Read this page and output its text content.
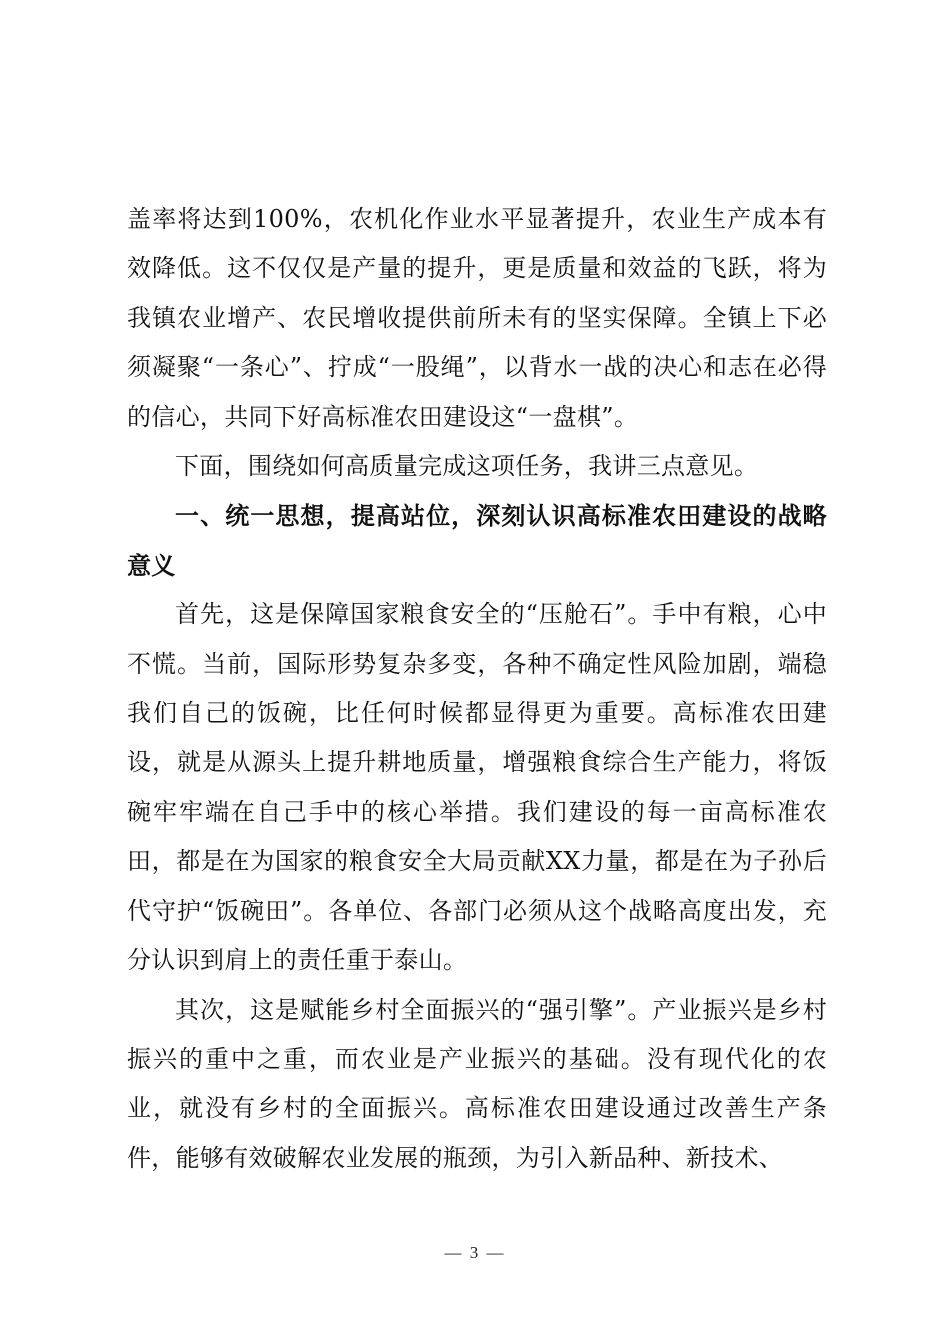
盖率将达到100%，农机化作业水平显著提升，农业生产成本有效降低。这不仅仅是产量的提升，更是质量和效益的飞跃，将为我镇农业增产、农民增收提供前所未有的坚实保障。全镇上下必须凝聚“一条心”、拧成“一股绳”，以背水一战的决心和志在必得的信心，共同下好高标准农田建设这“一盘棋”。

下面，围绕如何高质量完成这项任务，我讲三点意见。

一、统一思想，提高站位，深刻认识高标准农田建设的战略意义

首先，这是保障国家粮食安全的“压舱石”。手中有粮，心中不慌。当前，国际形势复杂多变，各种不确定性风险加剧，端稳我们自己的饭碗，比任何时候都显得更为重要。高标准农田建设，就是从源头上提升耕地质量，增强粮食综合生产能力，将饭碗牢牢端在自己手中的核心举措。我们建设的每一亩高标准农田，都是在为国家的粮食安全大局贡献XX力量，都是在为子孙后代守护“饭碗田”。各单位、各部门必须从这个战略高度出发，充分认识到肩上的责任重于泰山。

其次，这是赋能乡村全面振兴的“强引擎”。产业振兴是乡村振兴的重中之重，而农业是产业振兴的基础。没有现代化的农业，就没有乡村的全面振兴。高标准农田建设通过改善生产条件，能够有效破解农业发展的瓶颈，为引入新品种、新技术、

— 3 —
